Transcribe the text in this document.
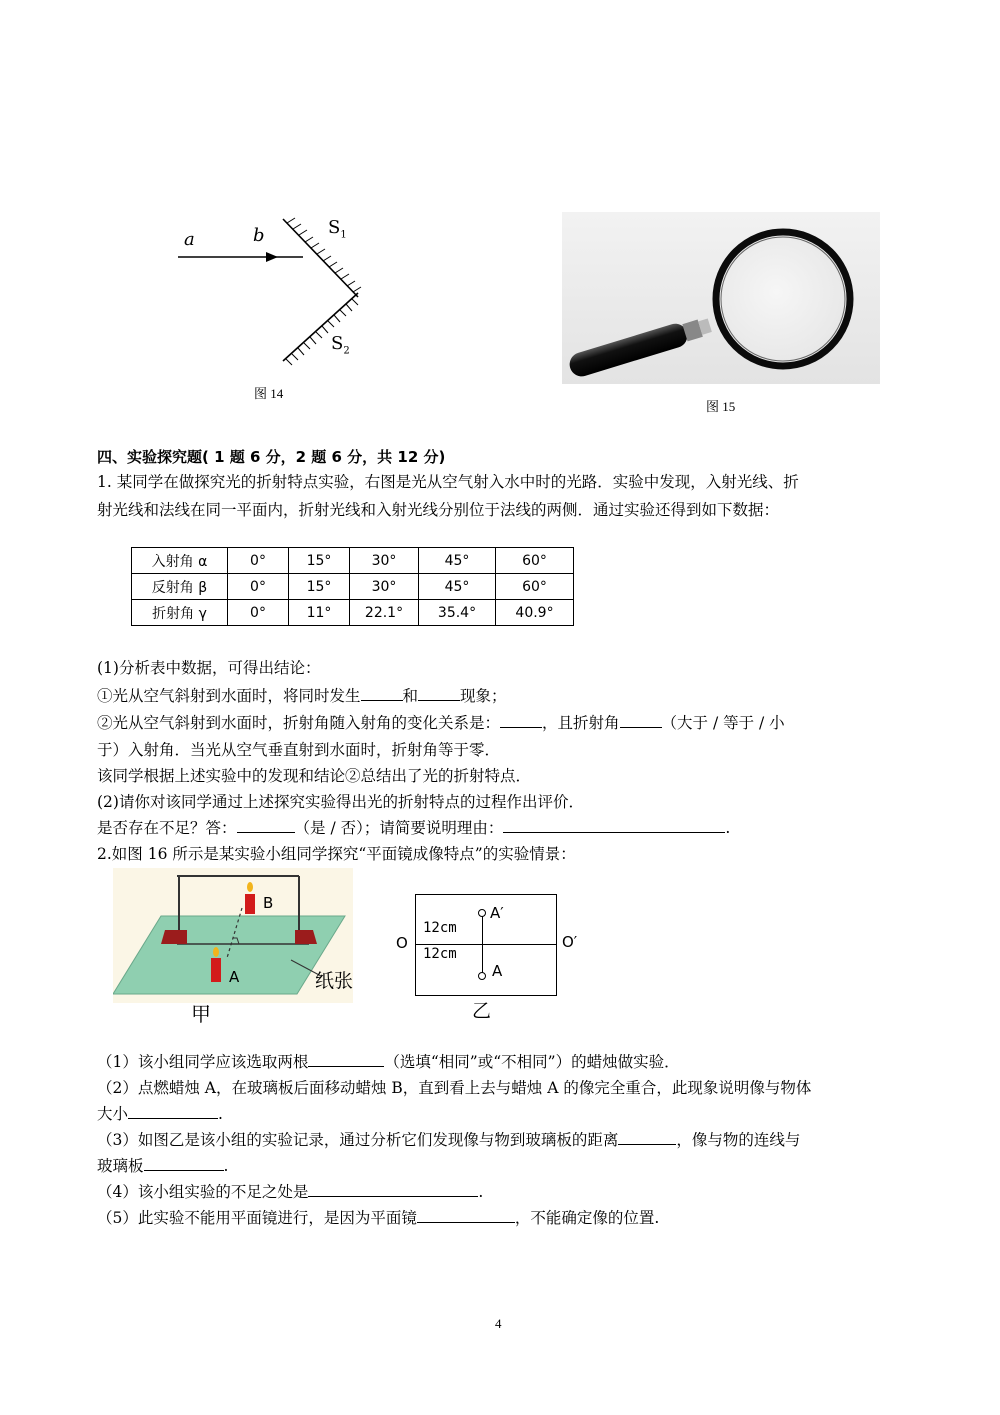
a	b	$S_1$
$S_2$
图 14
图 15
四、实验探究题( 1 题 6 分，2 题 6 分，共 12 分)
1. 某同学在做探究光的折射特点实验，右图是光从空气射入水中时的光路．实验中发现，入射光线、折
射光线和法线在同一平面内，折射光线和入射光线分别位于法线的两侧．通过实验还得到如下数据：
入射角 α	0°	15°	30°	45°	60°
反射角 β	0°	15°	30°	45°	60°
折射角 γ	0°	11°	22.1°	35.4°	40.9°
(1)分析表中数据，可得出结论：
①光从空气斜射到水面时，将同时发生	和	现象；
②光从空气斜射到水面时，折射角随入射角的变化关系是：	，且折射角	（大于 / 等于 / 小
于）入射角．当光从空气垂直射到水面时，折射角等于零．
该同学根据上述实验中的发现和结论②总结出了光的折射特点．
(2)请你对该同学通过上述探究实验得出光的折射特点的过程作出评价．
是否存在不足？答：	（是 / 否）；请简要说明理由：	.
2.如图 16 所示是某实验小组同学探究“平面镜成像特点”的实验情景：
B
A	纸张
甲
O	O′
A′
A
12cm
12cm
乙
（1）该小组同学应该选取两根	（选填“相同”或“不相同”）的蜡烛做实验．
（2）点燃蜡烛 A，在玻璃板后面移动蜡烛 B，直到看上去与蜡烛 A 的像完全重合，此现象说明像与物体
大小	.
（3）如图乙是该小组的实验记录，通过分析它们发现像与物到玻璃板的距离	，像与物的连线与
玻璃板	.
（4）该小组实验的不足之处是	.
（5）此实验不能用平面镜进行，是因为平面镜	，不能确定像的位置.
4
